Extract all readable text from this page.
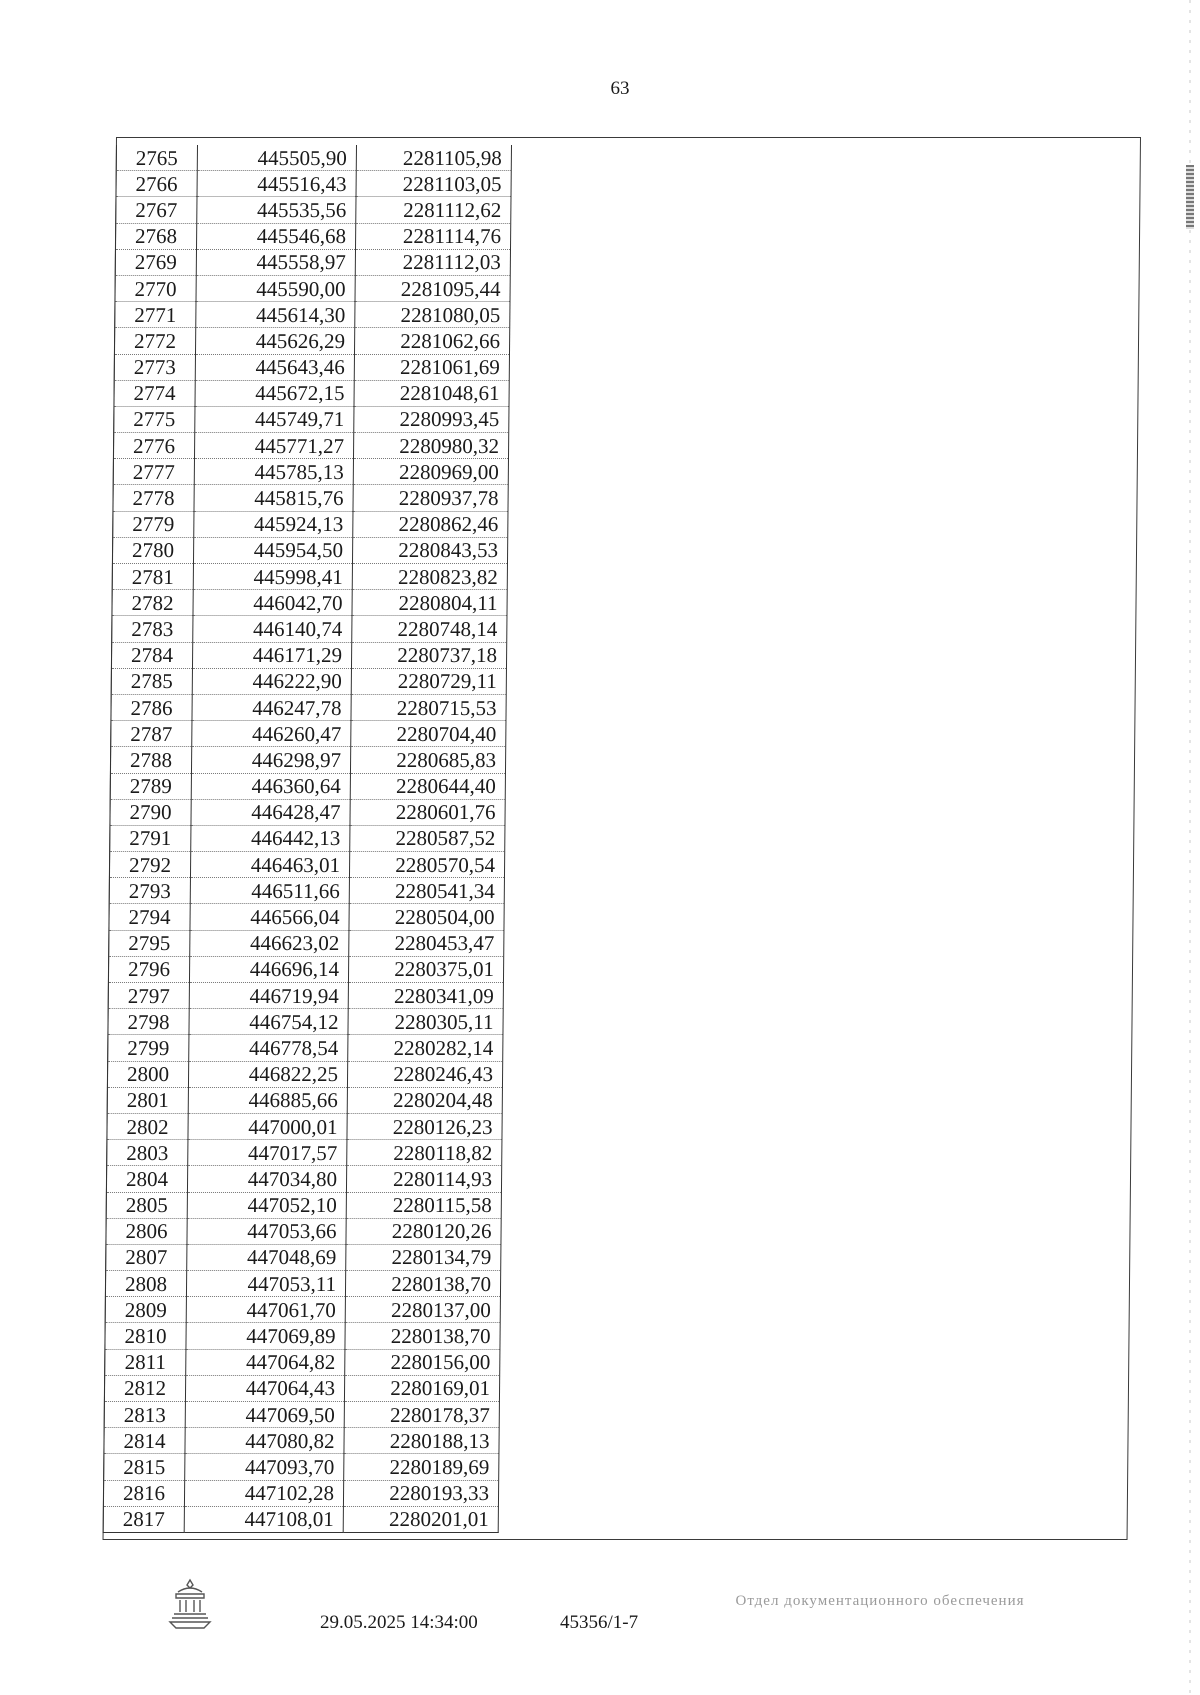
63
2765	445505,90	2281105,98
2766	445516,43	2281103,05
2767	445535,56	2281112,62
2768	445546,68	2281114,76
2769	445558,97	2281112,03
2770	445590,00	2281095,44
2771	445614,30	2281080,05
2772	445626,29	2281062,66
2773	445643,46	2281061,69
2774	445672,15	2281048,61
2775	445749,71	2280993,45
2776	445771,27	2280980,32
2777	445785,13	2280969,00
2778	445815,76	2280937,78
2779	445924,13	2280862,46
2780	445954,50	2280843,53
2781	445998,41	2280823,82
2782	446042,70	2280804,11
2783	446140,74	2280748,14
2784	446171,29	2280737,18
2785	446222,90	2280729,11
2786	446247,78	2280715,53
2787	446260,47	2280704,40
2788	446298,97	2280685,83
2789	446360,64	2280644,40
2790	446428,47	2280601,76
2791	446442,13	2280587,52
2792	446463,01	2280570,54
2793	446511,66	2280541,34
2794	446566,04	2280504,00
2795	446623,02	2280453,47
2796	446696,14	2280375,01
2797	446719,94	2280341,09
2798	446754,12	2280305,11
2799	446778,54	2280282,14
2800	446822,25	2280246,43
2801	446885,66	2280204,48
2802	447000,01	2280126,23
2803	447017,57	2280118,82
2804	447034,80	2280114,93
2805	447052,10	2280115,58
2806	447053,66	2280120,26
2807	447048,69	2280134,79
2808	447053,11	2280138,70
2809	447061,70	2280137,00
2810	447069,89	2280138,70
2811	447064,82	2280156,00
2812	447064,43	2280169,01
2813	447069,50	2280178,37
2814	447080,82	2280188,13
2815	447093,70	2280189,69
2816	447102,28	2280193,33
2817	447108,01	2280201,01
29.05.2025 14:34:00	45356/1-7
Отдел документационного обеспечения
